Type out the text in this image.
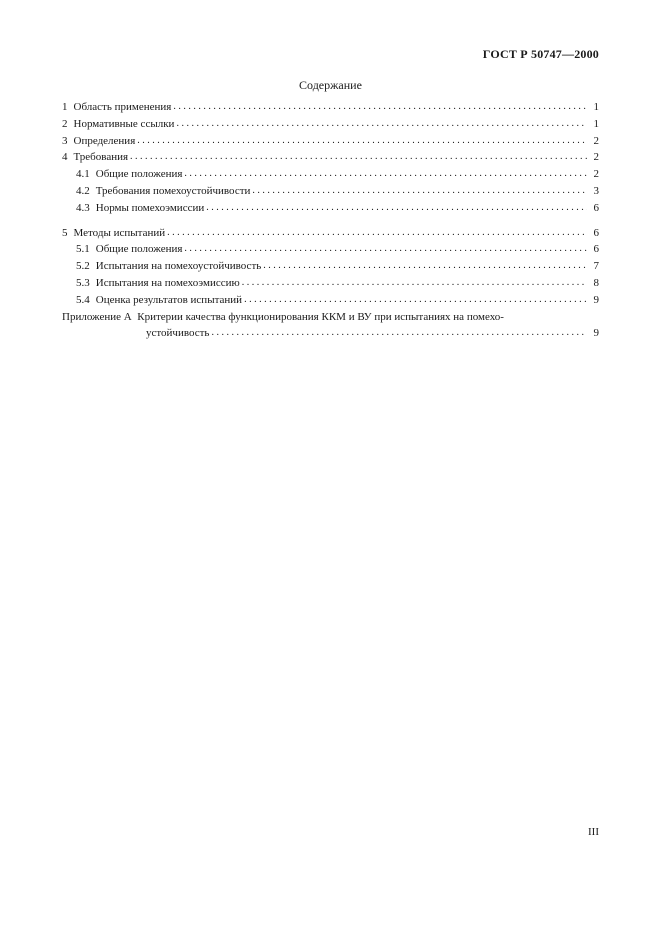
ГОСТ Р 50747—2000
Содержание
1 Область применения . . .	1
2 Нормативные ссылки . . .	1
3 Определения . . .	2
4 Требования . . .	2
4.1 Общие положения . . .	2
4.2 Требования помехоустойчивости . . .	3
4.3 Нормы помехоэмиссии . . .	6
5 Методы испытаний . . .	6
5.1 Общие положения . . .	6
5.2 Испытания на помехоустойчивость . . .	7
5.3 Испытания на помехоэмиссию . . .	8
5.4 Оценка результатов испытаний . . .	9
Приложение А Критерии качества функционирования ККМ и ВУ при испытаниях на помехо-
устойчивость . . .	9
III
